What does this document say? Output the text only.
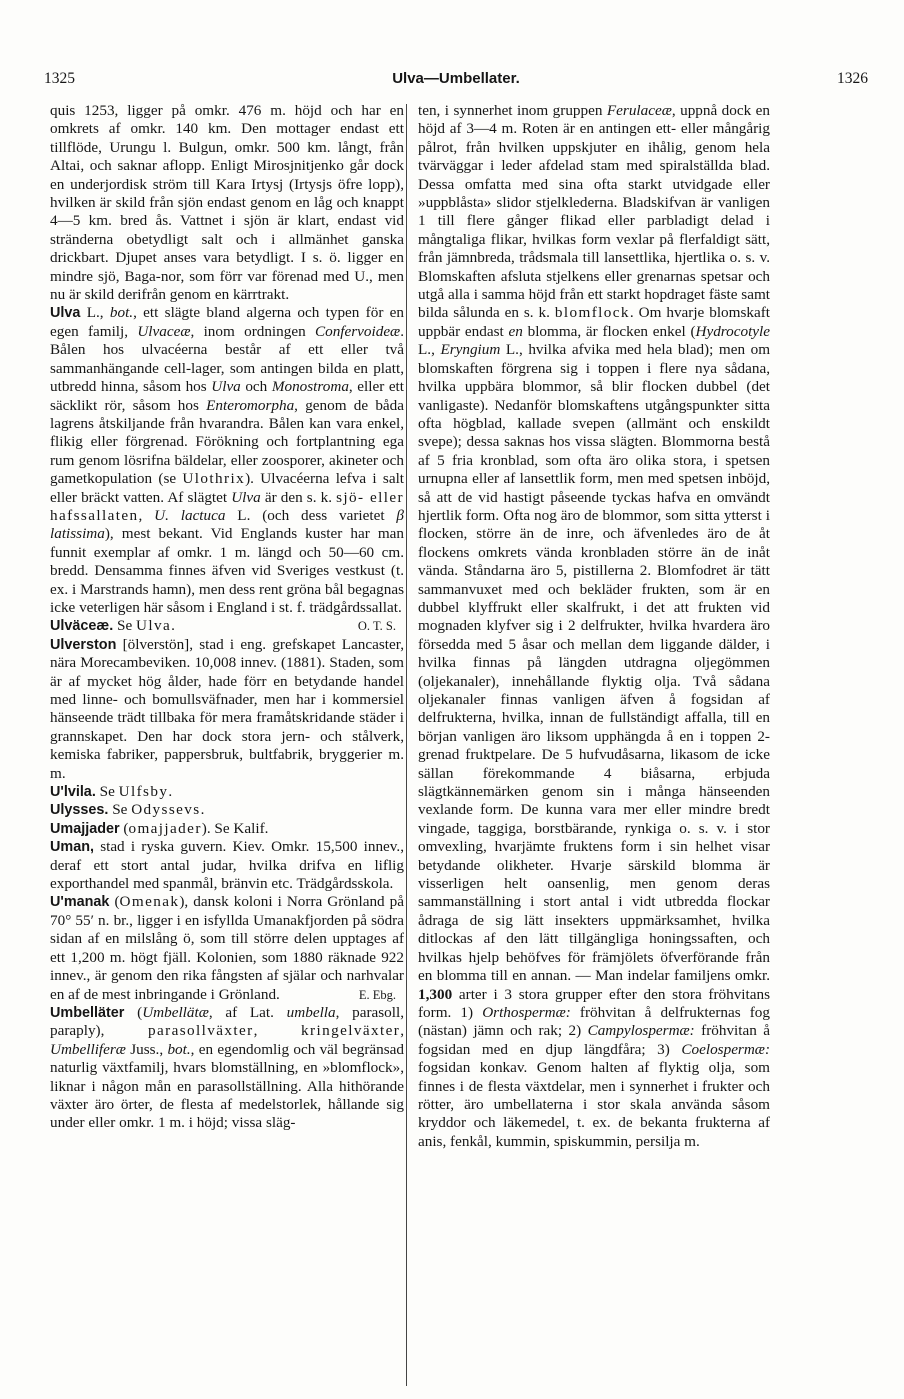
1325	Ulva—Umbellater.	1326

quis 1253, ligger på omkr. 476 m. höjd och har en omkrets af omkr. 140 km. Den mottager endast ett tillflöde, Urungu l. Bulgun, omkr. 500 km. långt, från Altai, och saknar aflopp. Enligt Mirosjnitjenko går dock en underjordisk ström till Kara Irtysj (Irtysjs öfre lopp), hvilken är skild från sjön endast genom en låg och knappt 4—5 km. bred ås. Vattnet i sjön är klart, endast vid stränderna obetydligt salt och i allmänhet ganska drickbart. Djupet anses vara betydligt. I s. ö. ligger en mindre sjö, Baga-nor, som förr var förenad med U., men nu är skild derifrån genom en kärrtrakt.

Ulva L., bot., ett slägte bland algerna och typen för en egen familj, Ulvaceæ, inom ordningen Confervoideæ. Bålen hos ulvacéerna består af ett eller två sammanhängande cell-lager, som antingen bilda en platt, utbredd hinna, såsom hos Ulva och Monostroma, eller ett säcklikt rör, såsom hos Enteromorpha, genom de båda lagrens åtskiljande från hvarandra. Bålen kan vara enkel, flikig eller förgrenad. Förökning och fortplantning ega rum genom lösrifna bäldelar, eller zoosporer, akineter och gametkopulation (se Ulothrix). Ulvacéerna lefva i salt eller bräckt vatten. Af slägtet Ulva är den s. k. sjö- eller hafssallaten, U. lactuca L. (och dess varietet β latissima), mest bekant. Vid Englands kuster har man funnit exemplar af omkr. 1 m. längd och 50—60 cm. bredd. Densamma finnes äfven vid Sveriges vestkust (t. ex. i Marstrands hamn), men dess rent gröna bål begagnas icke veterligen här såsom i England i st. f. trädgårdssallat.
O. T. S.

Ulväceæ. Se Ulva.

Ulverston [ölverstön], stad i eng. grefskapet Lancaster, nära Morecambeviken. 10,008 innev. (1881). Staden, som är af mycket hög ålder, hade förr en betydande handel med linne- och bomullsväfnader, men har i kommersiel hänseende trädt tillbaka för mera framåtskridande städer i grannskapet. Den har dock stora jern- och stålverk, kemiska fabriker, pappersbruk, bultfabrik, bryggerier m. m.

U'lvila. Se Ulfsby.

Ulysses. Se Odyssevs.

Umajjader (omajjader). Se Kalif.

Uman, stad i ryska guvern. Kiev. Omkr. 15,500 innev., deraf ett stort antal judar, hvilka drifva en liflig exporthandel med spanmål, bränvin etc. Trädgårdsskola.

U'manak (Omenak), dansk koloni i Norra Grönland på 70° 55′ n. br., ligger i en isfyllda Umanakfjorden på södra sidan af en milslång ö, som till större delen upptages af ett 1,200 m. högt fjäll. Kolonien, som 1880 räknade 922 innev., är genom den rika fångsten af själar och narhvalar en af de mest inbringande i Grönland.	E. Ebg.

Umbelläter (Umbellätæ, af Lat. umbella, parasoll, paraply), parasollväxter, kringelväxter, Umbelliferæ Juss., bot., en egendomlig och väl begränsad naturlig växtfamilj, hvars blomställning, en »blomflock», liknar i någon mån en parasollställning. Alla hithörande växter äro örter, de flesta af medelstorlek, hållande sig under eller omkr. 1 m. i höjd; vissa släg-

ten, i synnerhet inom gruppen Ferulaceæ, uppnå dock en höjd af 3—4 m. Roten är en antingen ett- eller mångårig pålrot, från hvilken uppskjuter en ihålig, genom hela tvärväggar i leder afdelad stam med spiralställda blad. Dessa omfatta med sina ofta starkt utvidgade eller »uppblåsta» slidor stjelklederna. Bladskifvan är vanligen 1 till flere gånger flikad eller parbladigt delad i mångtaliga flikar, hvilkas form vexlar på flerfaldigt sätt, från jämnbreda, trådsmala till lansettlika, hjertlika o. s. v. Blomskaften afsluta stjelkens eller grenarnas spetsar och utgå alla i samma höjd från ett starkt hopdraget fäste samt bilda sålunda en s. k. blomflock. Om hvarje blomskaft uppbär endast en blomma, är flocken enkel (Hydrocotyle L., Eryngium L., hvilka afvika med hela blad); men om blomskaften förgrena sig i toppen i flere nya sådana, hvilka uppbära blommor, så blir flocken dubbel (det vanligaste). Nedanför blomskaftens utgångspunkter sitta ofta högblad, kallade svepen (allmänt och enskildt svepe); dessa saknas hos vissa slägten. Blommorna bestå af 5 fria kronblad, som ofta äro olika stora, i spetsen urnupna eller af lansettlik form, men med spetsen inböjd, så att de vid hastigt påseende tyckas hafva en omvändt hjertlik form. Ofta nog äro de blommor, som sitta ytterst i flocken, större än de inre, och äfvenledes äro de åt flockens omkrets vända kronbladen större än de inåt vända. Ståndarna äro 5, pistillerna 2. Blomfodret är tätt sammanvuxet med och bekläder frukten, som är en dubbel klyffrukt eller skalfrukt, i det att frukten vid mognaden klyfver sig i 2 delfrukter, hvilka hvardera äro försedda med 5 åsar och mellan dem liggande dälder, i hvilka finnas på längden utdragna oljegömmen (oljekanaler), innehållande flyktig olja. Två sådana oljekanaler finnas vanligen äfven å fogsidan af delfrukterna, hvilka, innan de fullständigt affalla, till en början vanligen äro liksom upphängda å en i toppen 2-grenad fruktpelare. De 5 hufvudåsarna, likasom de icke sällan förekommande 4 biåsarna, erbjuda slägtkännemärken genom sin i många hänseenden vexlande form. De kunna vara mer eller mindre bredt vingade, taggiga, borstbärande, rynkiga o. s. v. i stor omvexling, hvarjämte fruktens form i sin helhet visar betydande olikheter. Hvarje särskild blomma är visserligen helt oansenlig, men genom deras sammanställning i stort antal i vidt utbredda flockar ådraga de sig lätt insekters uppmärksamhet, hvilka ditlockas af den lätt tillgängliga honingssaften, och hvilkas hjelp behöfves för främjölets öfverförande från en blomma till en annan. — Man indelar familjens omkr. 1,300 arter i 3 stora grupper efter den stora fröhvitans form. 1) Orthospermæ: fröhvitan å delfrukternas fog (nästan) jämn och rak; 2) Campylospermæ: fröhvitan å fogsidan med en djup längdfåra; 3) Coelospermæ: fogsidan konkav. Genom halten af flyktig olja, som finnes i de flesta växtdelar, men i synnerhet i frukter och rötter, äro umbellaterna i stor skala använda såsom kryddor och läkemedel, t. ex. de bekanta frukterna af anis, fenkål, kummin, spiskummin, persilja m.
